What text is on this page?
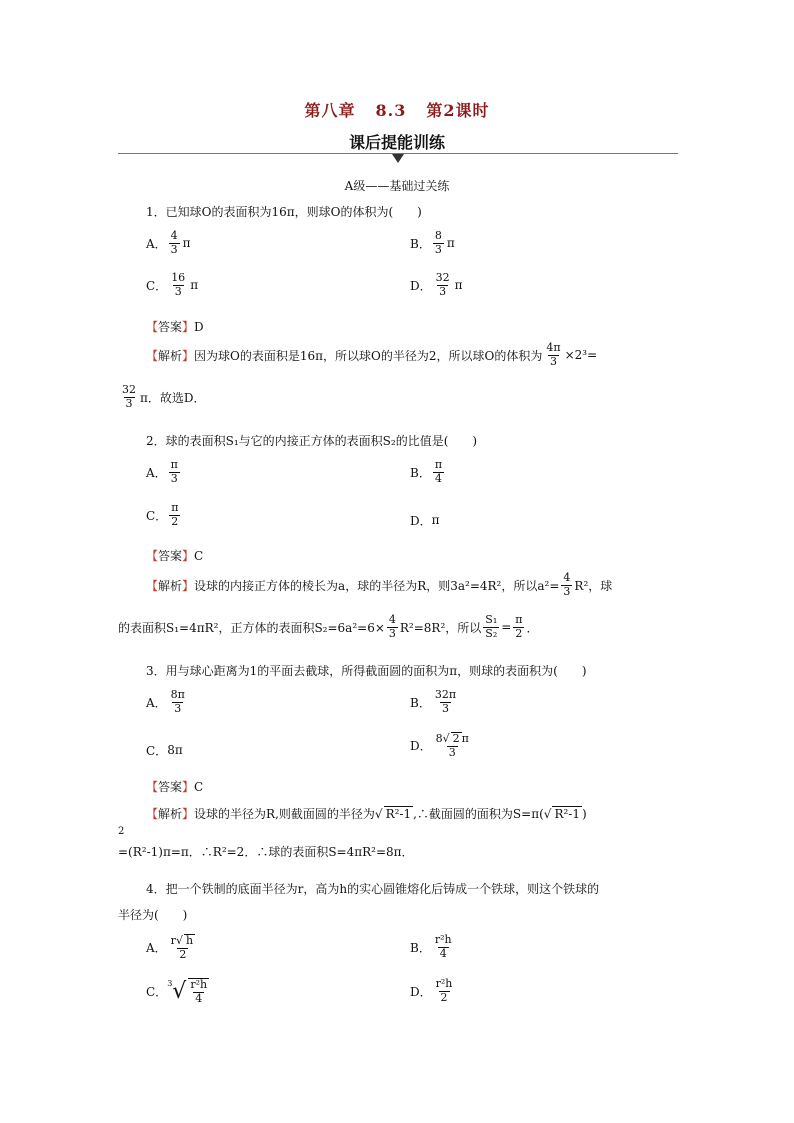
第八章 8.3 第2课时
课后提能训练
A级——基础过关练
1．已知球O的表面积为16π，则球O的体积为(　　)
A． $\frac{4}{3}$ π	B． $\frac{8}{3}$ π
C． $\frac{16}{3}$ π	D． $\frac{32}{3}$ π
【答案】D
【解析】因为球O的表面积是16π，所以球O的半径为2，所以球O的体积为 $\frac{4\pi}{3} \times 2^3=$
$\frac{32}{3}$ π．故选D．
2．球的表面积S₁与它的内接正方体的表面积S₂的比值是(　　)
A． $\frac{\pi}{3}$	B． $\frac{\pi}{4}$
C． $\frac{\pi}{2}$	D．π
【答案】C
【解析】设球的内接正方体的棱长为a，球的半径为R，则3a²=4R²，所以$a^2= \frac{4}{3} R^2$，球
的表面积S₁=4πR²，正方体的表面积$S_2=6a^2=6\times \frac{4}{3} R^2=8R^2$，所以 $\frac{\text{S₁}}{\text{S₂}} = \frac{\pi}{2}$ ．
3．用与球心距离为1的平面去截球，所得截面圆的面积为π，则球的表面积为(　　)
A． $\frac{8\pi}{3}$	B． $\frac{32\pi}{3}$
C．8π	D． $\frac{8√ 2 \pi}{3}$
【答案】C
【解析】设球的半径为R,则截面圆的半径为√ R²-1 ,∴截面圆的面积为S=π(√ R²-1 )
2
=(R²-1)π=π．∴R²=2．∴球的表面积S=4πR²=8π．
4．把一个铁制的底面半径为r，高为h的实心圆锥熔化后铸成一个铁球，则这个铁球的
半径为(　　)
A． $\frac{r√ h}{2}$	B． $\frac{\text{r²h}}{4}$
C．$3√ \frac{\text{r²h}}{4}$	D． $\frac{\text{r²h}}{2}$
